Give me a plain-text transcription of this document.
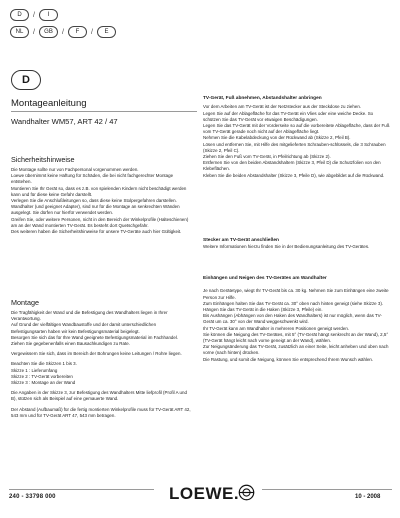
D	/	I
NL	/	GB	/	F	/	E
D
Montageanleitung
Wandhalter WM57, ART 42 / 47
Sicherheitshinweise

Die Montage sollte nur von Fachpersonal vorgenommen werden.

Loewe übernimmt keine Haftung für Schäden, die bei nicht fachgerechter Montage entstehen.

Montieren Sie Ihr Gerät so, dass es z.B. von spielenden Kindern nicht beschädigt werden kann und für diese keine Gefahr darstellt.

Verlegen Sie die Anschlußleitungen so, dass diese keine Stolpergefahren darstellen.

Wandhalter (und geeignet Adapter), sind nur für die Montage an senkrechten Wänden ausgelegt. Sie dürfen nur hierfür verwendet werden.

Greifen Sie, oder weitere Personen, nicht in den Bereich der Winkelprofile (Halteschienen) am an der Wand montierten TV-Gerät. Es besteht dort Quetschgefahr.

Des weiteren haben die Sicherheitshinweise für unsere TV-Geräte auch hier Gültigkeit.

Montage

Die Tragfähigkeit der Wand und die Befestigung des Wandhalters liegen in Ihrer Verantwortung.
Auf Grund der vielfältigen Wandbaustoffe und der damit unterschiedlichen Befestigungsarten haben wir kein Befestigungsmaterial beigelegt.
Besorgen Sie sich das für Ihre Wand geeignete Befestigungsmaterial im Fachhandel.
Ziehen Sie gegebenenfalls einen Bausachkundigen zu Rate.

Vergewissern Sie sich, dass im Bereich der Bohrungen keine Leitungen / Rohre liegen.

Beachten Sie die Skizzen 1 bis 3.

Skizze 1 : Lieferumfang

Skizze 2 : TV-Gerät vorbereiten

Skizze 3 : Montage an der Wand

Die Angaben in der Skizze 3, zur Befestigung des Wandhalters Mitte liefprofil (Profil A und B), stützen sich als Beispiel auf eine gemauerte Wand.

Der Abstand (Aufbaumaß) für die fertig montierten Winkelprofile muss für TV-Gerät ART 42, 543 mm und für TV-Gerät ART 47, 543 mm betragen.

TV-Gerät, Fuß abnehmen, Abstandshalter anbringen

Vor dem Arbeiten am TV-Gerät ist der Netzstecker aus der Steckdose zu ziehen.

Legen Sie auf der Ablagefläche für das TV-Gerät ein Vlies oder eine weiche Decke. So schützen Sie das TV-Gerät vor etwaigen Beschädigungen.

Legen Sie das TV-Gerät mit der Vorderseite so auf die vorbereitete Ablagefläche, dass der Fuß vom TV-Gerät gerade noch nicht auf der Ablagefläche liegt.

Nehmen Sie die Kabelabdeckung von der Rückwand ab (Skizze 2, Pfeil B).

Lösen und entfernen Sie, mit Hilfe des mitgelieferten Schrauben-schlüssels, die 3 Schrauben (Skizze 2, Pfeil C).

Ziehen Sie den Fuß vom TV-Gerät, in Pfeilrichtung ab (Skizze 2).

Entfernen Sie von den beiden Abstandshaltern (Skizze 3, Pfeil D) die Schutzfolien von den Klebeflächen.

Kleben Sie die beiden Abstandshalter (Skizze 3, Pfeile D), wie abgebildet auf die Rückwand.

Stecker am TV-Gerät anschließen

Weitere Informationen hierzu finden Sie in der Bedienungsanleitung des TV-Gerätes.

Einhängen und Neigen des TV-Gerätes am Wandhalter

Je nach Gerätetype, wiegt Ihr TV-Gerät bis ca. 30 kg. Nehmen Sie zum Einhängen eine zweite Person zur Hilfe.

Zum Einhängen halten Sie das TV-Gerät ca. 30° oben nach hinten geneigt (siehe Skizze 3).

Hängen Sie das TV-Gerät in die Haken (Skizze 3, Pfeile) ein.

Bis Aushängen (Abhängen von den Haken des Wandhalters) ist nur möglich, wenn das TV-Gerät um ca. 30° von der Wand weggeschwenkt wird.

Ihr TV-Gerät kann am Wandhalter in mehreren Positionen geneigt werden.

Sie können die Neigung des TV-Gerätes, mit 5° (TV-Gerät hängt senkrecht an der Wand), 2,5° (TV-Gerät hängt leicht nach vorne geneigt an der Wand), wählen.

Zur Neigungsänderung das TV-Gerät, zusätzlich an einer Seite, leicht anheben und oben nach vorne (nach hinten) drücken.

Die Rastung, und somit die Neigung, können Sie entsprechend Ihrem Wunsch wählen.

240 - 33798 000	LOEWE.	10 - 2008
